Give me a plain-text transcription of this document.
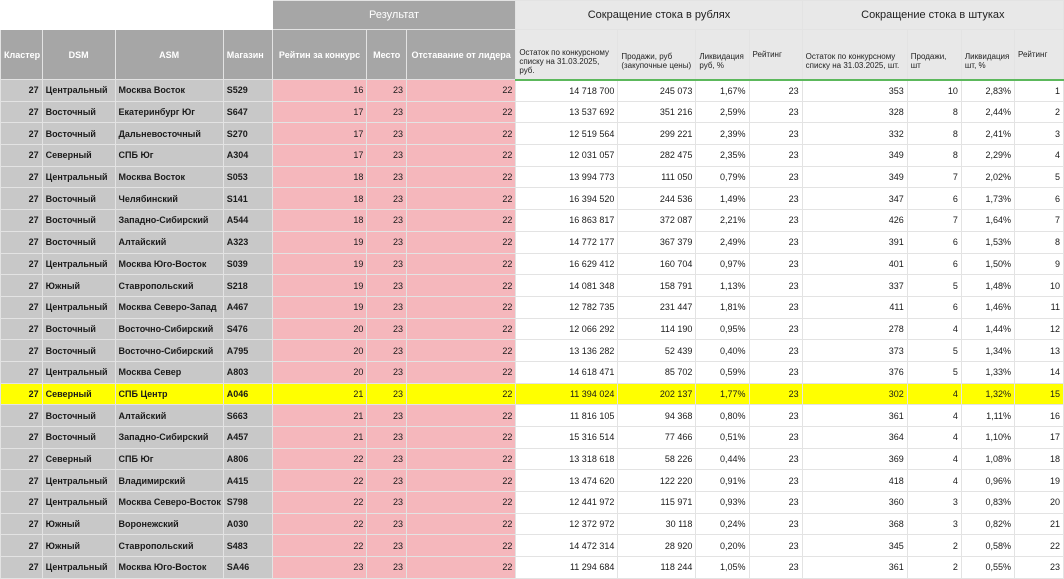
				Результат			Сокращение стока в рублях				Сокращение стока в штуках			
Кластер	DSM	ASM	Магазин	Рейтин за конкурс	Место	Отставание от лидера	Остаток по конкурсному списку на 31.03.2025, руб.	Продажи, руб (закупочные цены)	Ликвидация руб, %	Рейтинг	Остаток по конкурсному списку на 31.03.2025, шт.	Продажи, шт	Ликвидация шт, %	Рейтинг
27	Центральный	Москва Восток	S529	16	23	22	14 718 700	245 073	1,67%	23	353	10	2,83%	1
27	Восточный	Екатеринбург Юг	S647	17	23	22	13 537 692	351 216	2,59%	23	328	8	2,44%	2
27	Восточный	Дальневосточный	S270	17	23	22	12 519 564	299 221	2,39%	23	332	8	2,41%	3
27	Северный	СПБ Юг	A304	17	23	22	12 031 057	282 475	2,35%	23	349	8	2,29%	4
27	Центральный	Москва Восток	S053	18	23	22	13 994 773	111 050	0,79%	23	349	7	2,02%	5
27	Восточный	Челябинский	S141	18	23	22	16 394 520	244 536	1,49%	23	347	6	1,73%	6
27	Восточный	Западно-Сибирский	A544	18	23	22	16 863 817	372 087	2,21%	23	426	7	1,64%	7
27	Восточный	Алтайский	A323	19	23	22	14 772 177	367 379	2,49%	23	391	6	1,53%	8
27	Центральный	Москва Юго-Восток	S039	19	23	22	16 629 412	160 704	0,97%	23	401	6	1,50%	9
27	Южный	Ставропольский	S218	19	23	22	14 081 348	158 791	1,13%	23	337	5	1,48%	10
27	Центральный	Москва Северо-Запад	A467	19	23	22	12 782 735	231 447	1,81%	23	411	6	1,46%	11
27	Восточный	Восточно-Сибирский	S476	20	23	22	12 066 292	114 190	0,95%	23	278	4	1,44%	12
27	Восточный	Восточно-Сибирский	A795	20	23	22	13 136 282	52 439	0,40%	23	373	5	1,34%	13
27	Центральный	Москва Север	A803	20	23	22	14 618 471	85 702	0,59%	23	376	5	1,33%	14
27	Северный	СПБ Центр	A046	21	23	22	11 394 024	202 137	1,77%	23	302	4	1,32%	15
27	Восточный	Алтайский	S663	21	23	22	11 816 105	94 368	0,80%	23	361	4	1,11%	16
27	Восточный	Западно-Сибирский	A457	21	23	22	15 316 514	77 466	0,51%	23	364	4	1,10%	17
27	Северный	СПБ Юг	A806	22	23	22	13 318 618	58 226	0,44%	23	369	4	1,08%	18
27	Центральный	Владимирский	A415	22	23	22	13 474 620	122 220	0,91%	23	418	4	0,96%	19
27	Центральный	Москва Северо-Восток	S798	22	23	22	12 441 972	115 971	0,93%	23	360	3	0,83%	20
27	Южный	Воронежский	A030	22	23	22	12 372 972	30 118	0,24%	23	368	3	0,82%	21
27	Южный	Ставропольский	S483	22	23	22	14 472 314	28 920	0,20%	23	345	2	0,58%	22
27	Центральный	Москва Юго-Восток	SA46	23	23	22	11 294 684	118 244	1,05%	23	361	2	0,55%	23
